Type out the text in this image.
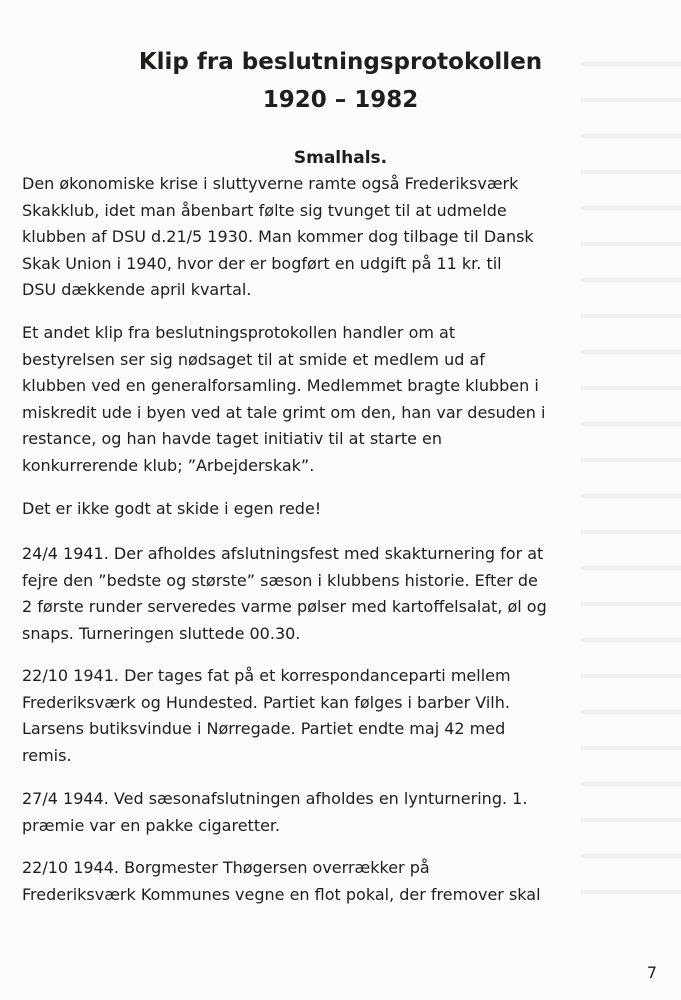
Klip fra beslutningsprotokollen
1920 – 1982
Smalhals.

Den økonomiske krise i sluttyverne ramte også Frederiksværk
Skakklub, idet man åbenbart følte sig tvunget til at udmelde
klubben af DSU d.21/5 1930. Man kommer dog tilbage til Dansk
Skak Union i 1940, hvor der er bogført en udgift på 11 kr. til
DSU dækkende april kvartal.

Et andet klip fra beslutningsprotokollen handler om at
bestyrelsen ser sig nødsaget til at smide et medlem ud af
klubben ved en generalforsamling. Medlemmet bragte klubben i
miskredit ude i byen ved at tale grimt om den, han var desuden i
restance, og han havde taget initiativ til at starte en
konkurrerende klub; ”Arbejderskak”.

Det er ikke godt at skide i egen rede!

24/4 1941. Der afholdes afslutningsfest med skakturnering for at
fejre den ”bedste og største” sæson i klubbens historie. Efter de
2 første runder serveredes varme pølser med kartoffelsalat, øl og
snaps. Turneringen sluttede 00.30.

22/10 1941. Der tages fat på et korrespondanceparti mellem
Frederiksværk og Hundested. Partiet kan følges i barber Vilh.
Larsens butiksvindue i Nørregade. Partiet endte maj 42 med
remis.

27/4 1944. Ved sæsonafslutningen afholdes en lynturnering. 1.
præmie var en pakke cigaretter.

22/10 1944. Borgmester Thøgersen overrækker på
Frederiksværk Kommunes vegne en flot pokal, der fremover skal

7
